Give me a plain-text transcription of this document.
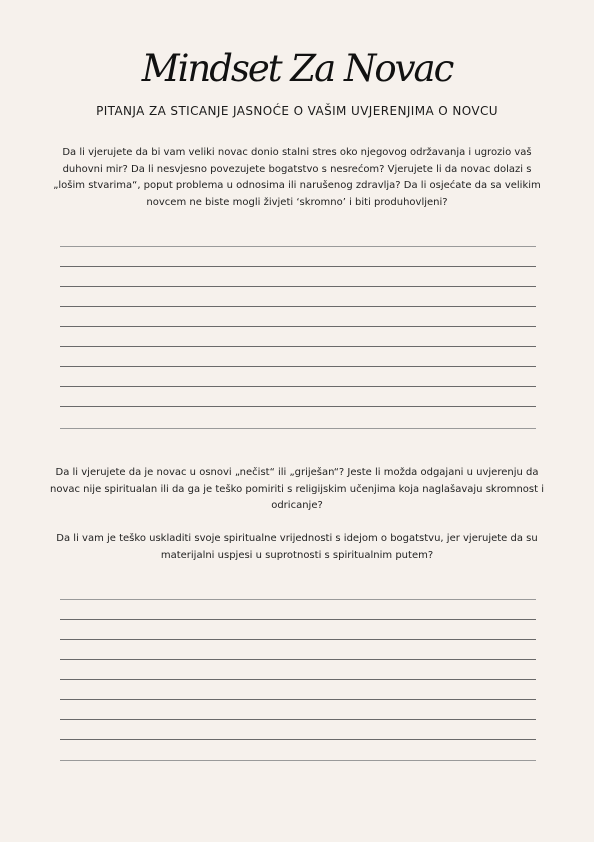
Mindset Za Novac
PITANJA ZA STICANJE JASNOĆE O VAŠIM UVJERENJIMA O NOVCU
Da li vjerujete da bi vam veliki novac donio stalni stres oko njegovog održavanja i ugrozio vaš duhovni mir? Da li nesvjesno povezujete bogatstvo s nesrećom? Vjerujete li da novac dolazi s „lošim stvarima“, poput problema u odnosima ili narušenog zdravlja? Da li osjećate da sa velikim novcem ne biste mogli živjeti ‘skromno’ i biti produhovljeni?
Da li vjerujete da je novac u osnovi „nečist“ ili „griješan“? Jeste li možda odgajani u uvjerenju da novac nije spiritualan ili da ga je teško pomiriti s religijskim učenjima koja naglašavaju skromnost i odricanje?
Da li vam je teško uskladiti svoje spiritualne vrijednosti s idejom o bogatstvu, jer vjerujete da su materijalni uspjesi u suprotnosti s spiritualnim putem?
